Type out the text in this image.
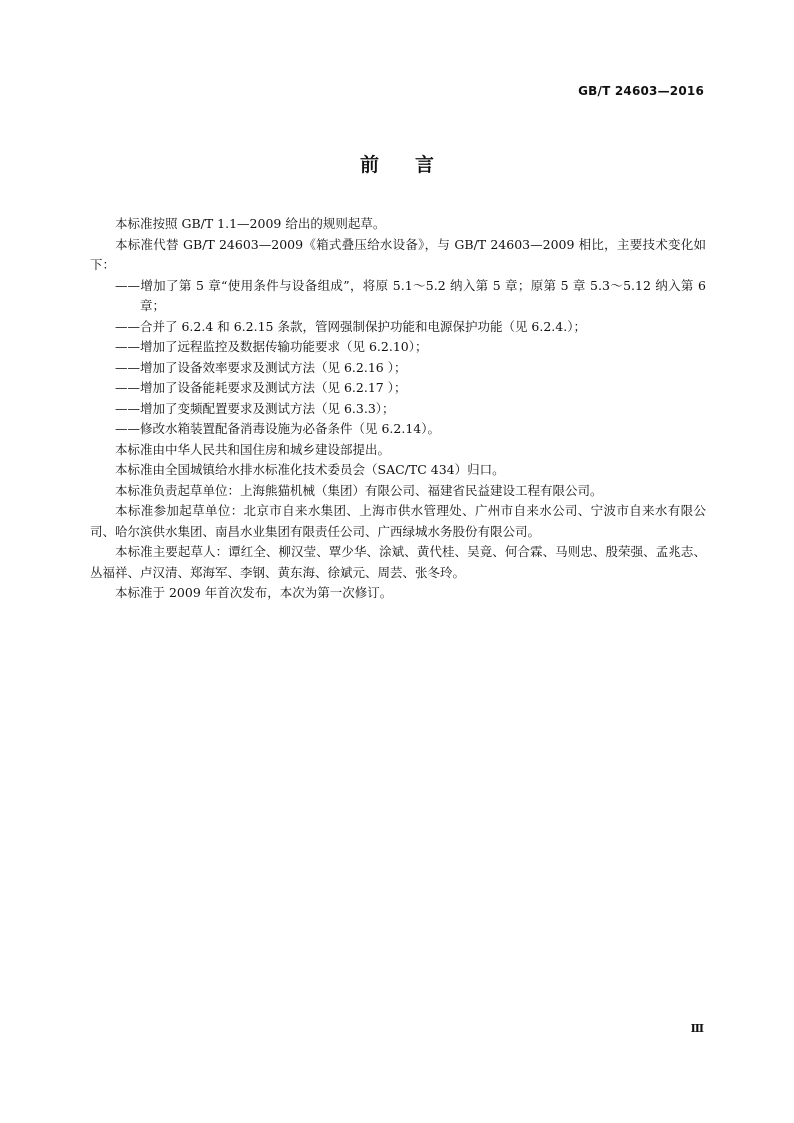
GB/T 24603—2016
前言

本标准按照 GB/T 1.1—2009 给出的规则起草。

本标准代替 GB/T 24603—2009《箱式叠压给水设备》，与 GB/T 24603—2009 相比，主要技术变化如下：

——增加了第 5 章“使用条件与设备组成”，将原 5.1～5.2 纳入第 5 章；原第 5 章 5.3～5.12 纳入第 6 章；

——合并了 6.2.4 和 6.2.15 条款，管网强制保护功能和电源保护功能（见 6.2.4.）；

——增加了远程监控及数据传输功能要求（见 6.2.10）；

——增加了设备效率要求及测试方法（见 6.2.16 ）；

——增加了设备能耗要求及测试方法（见 6.2.17 ）；

——增加了变频配置要求及测试方法（见 6.3.3）；

——修改水箱装置配备消毒设施为必备条件（见 6.2.14）。

本标准由中华人民共和国住房和城乡建设部提出。

本标准由全国城镇给水排水标准化技术委员会（SAC/TC 434）归口。

本标准负责起草单位：上海熊猫机械（集团）有限公司、福建省民益建设工程有限公司。

本标准参加起草单位：北京市自来水集团、上海市供水管理处、广州市自来水公司、宁波市自来水有限公司、哈尔滨供水集团、南昌水业集团有限责任公司、广西绿城水务股份有限公司。

本标准主要起草人：谭红全、柳汉莹、覃少华、涂斌、黄代桂、吴竟、何合霖、马则忠、殷荣强、孟兆志、丛福祥、卢汉清、郑海军、李钢、黄东海、徐斌元、周芸、张冬玲。

本标准于 2009 年首次发布，本次为第一次修订。

Ⅲ
